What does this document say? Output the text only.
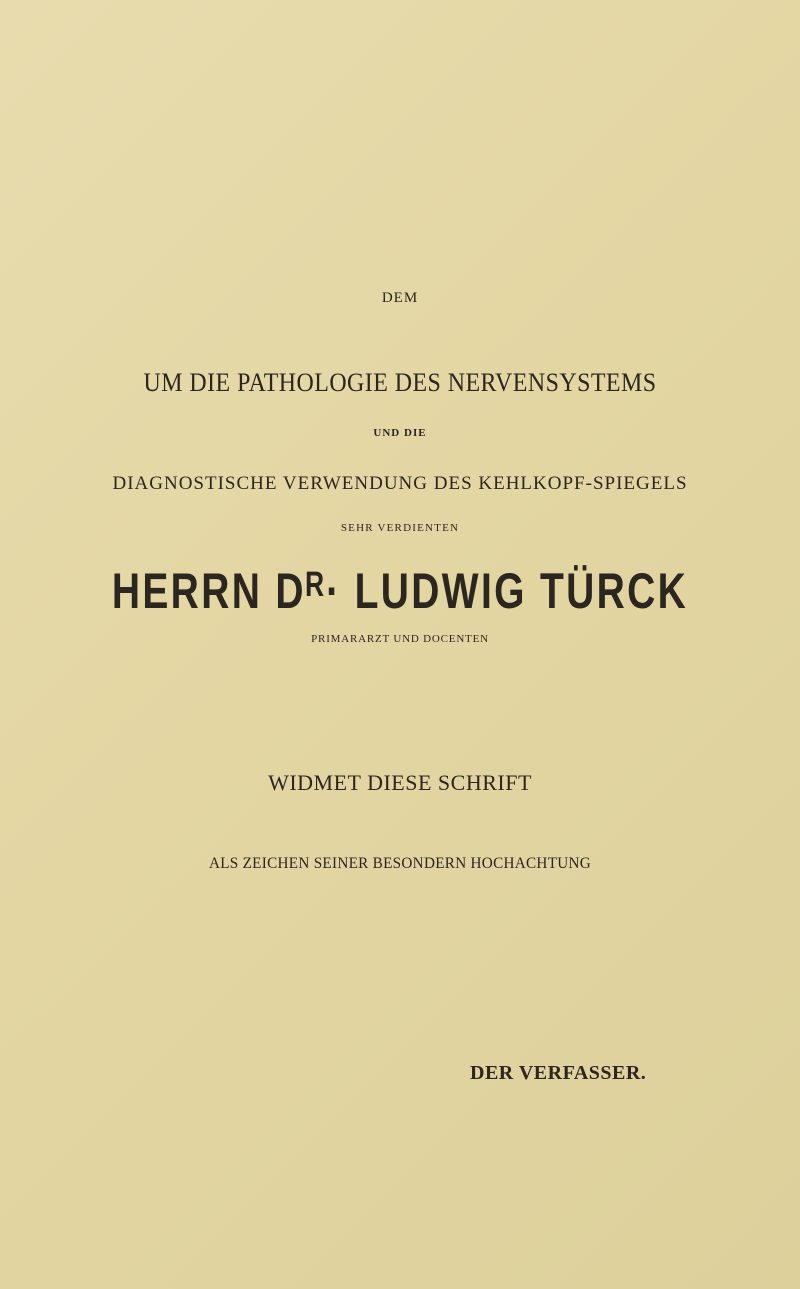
DEM
UM DIE PATHOLOGIE DES NERVENSYSTEMS
UND DIE
DIAGNOSTISCHE VERWENDUNG DES KEHLKOPF-SPIEGELS
SEHR VERDIENTEN
HERRN Dᴿ· LUDWIG TÜRCK
PRIMARARZT UND DOCENTEN
WIDMET DIESE SCHRIFT
ALS ZEICHEN SEINER BESONDERN HOCHACHTUNG
DER VERFASSER.
